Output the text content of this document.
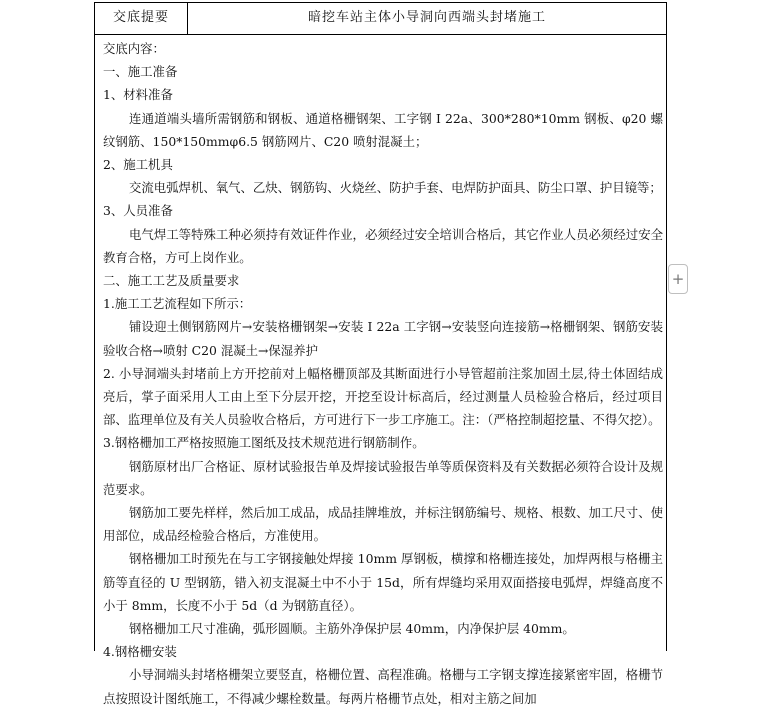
交底提要	暗挖车站主体小导洞向西端头封堵施工

交底内容：

一、施工准备

1、材料准备

连通道端头墙所需钢筋和钢板、通道格栅钢架、工字钢 I 22a、300*280*10mm 钢板、φ20 螺纹钢筋、150*150mmφ6.5 钢筋网片、C20 喷射混凝土；

2、施工机具

交流电弧焊机、氧气、乙炔、钢筋钩、火烧丝、防护手套、电焊防护面具、防尘口罩、护目镜等；

3、人员准备

电气焊工等特殊工种必须持有效证件作业，必须经过安全培训合格后，其它作业人员必须经过安全教育合格，方可上岗作业。

二、施工工艺及质量要求

1.施工工艺流程如下所示：

铺设迎土侧钢筋网片→安装格栅钢架→安装 I 22a 工字钢→安装竖向连接筋→格栅钢架、钢筋安装验收合格→喷射 C20 混凝土→保湿养护

2. 小导洞端头封堵前上方开挖前对上幅格栅顶部及其断面进行小导管超前注浆加固土层,待土体固结成亮后，掌子面采用人工由上至下分层开挖，开挖至设计标高后，经过测量人员检验合格后，经过项目部、监理单位及有关人员验收合格后，方可进行下一步工序施工。注：（严格控制超挖量、不得欠挖）。

3.钢格栅加工严格按照施工图纸及技术规范进行钢筋制作。

钢筋原材出厂合格证、原材试验报告单及焊接试验报告单等质保资料及有关数据必须符合设计及规范要求。

钢筋加工要先样样，然后加工成品，成品挂牌堆放，并标注钢筋编号、规格、根数、加工尺寸、使用部位，成品经检验合格后，方准使用。

钢格栅加工时预先在与工字钢接触处焊接 10mm 厚钢板，横撑和格栅连接处，加焊两根与格栅主筋等直径的 U 型钢筋，错入初支混凝土中不小于 15d，所有焊缝均采用双面搭接电弧焊，焊缝高度不小于 8mm，长度不小于 5d（d 为钢筋直径）。

钢格栅加工尺寸准确，弧形圆顺。主筋外净保护层 40mm，内净保护层 40mm。

4.钢格栅安装

小导洞端头封堵格栅架立要竖直，格栅位置、高程准确。格栅与工字钢支撑连接紧密牢固，格栅节点按照设计图纸施工，不得减少螺栓数量。每两片格栅节点处，相对主筋之间加

+
